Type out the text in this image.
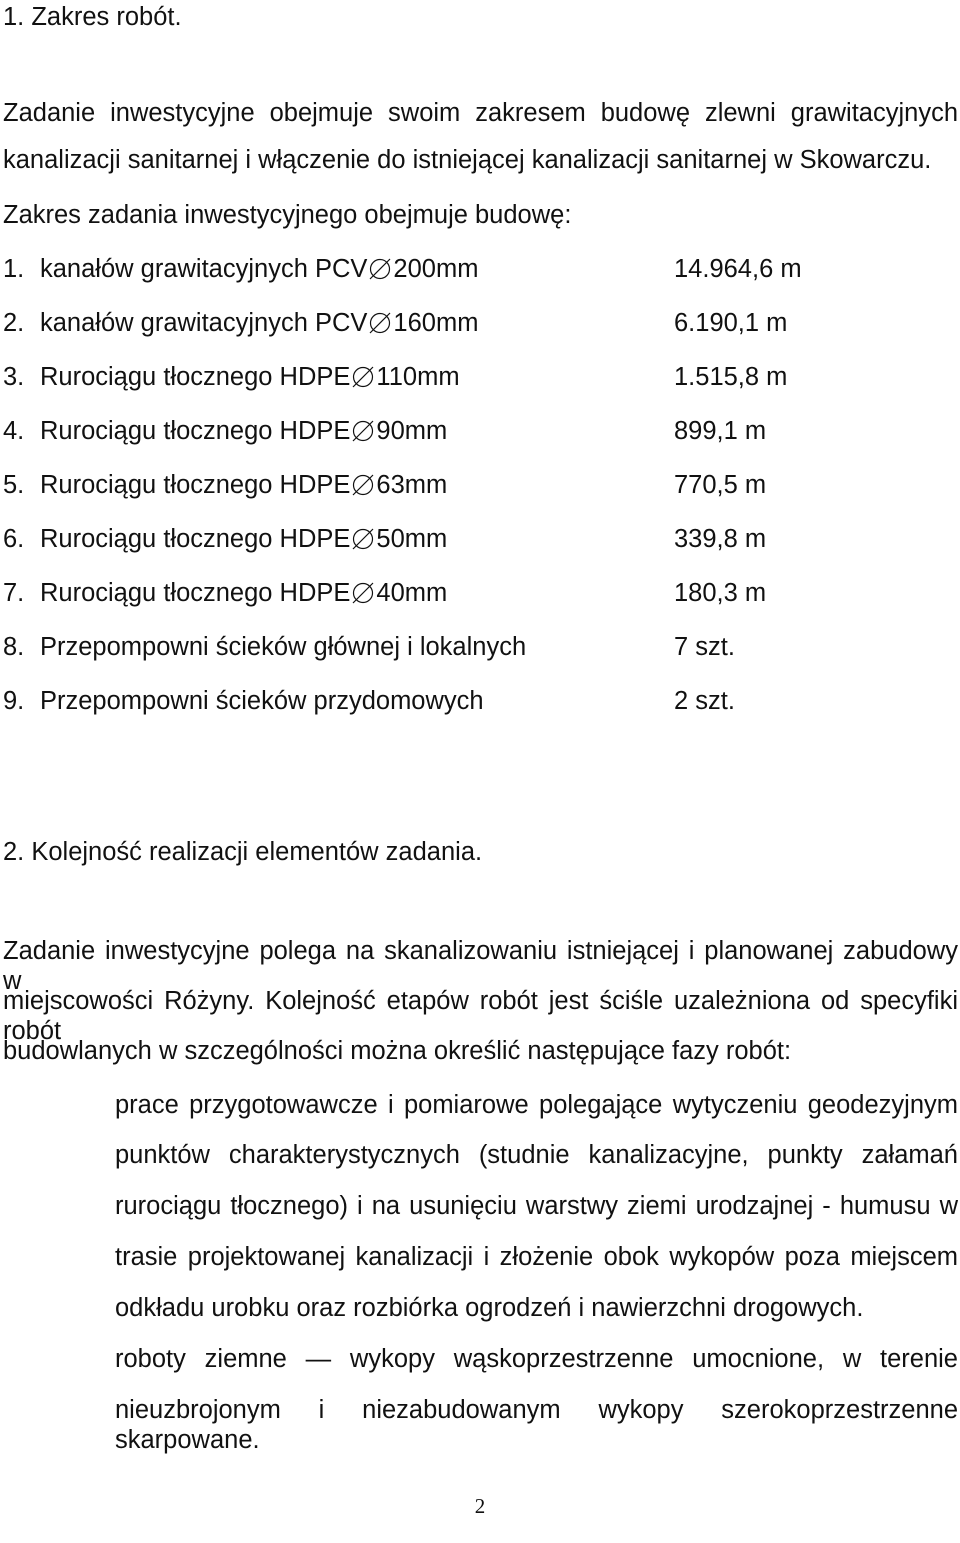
1. Zakres robót.
Zadanie inwestycyjne obejmuje swoim zakresem budowę zlewni grawitacyjnych
kanalizacji sanitarnej i włączenie do istniejącej kanalizacji sanitarnej w Skowarczu.
Zakres zadania inwestycyjnego obejmuje budowę:
1. kanałów grawitacyjnych PCV 200mm	14.964,6 m
2. kanałów grawitacyjnych PCV 160mm	6.190,1 m
3. Rurociągu tłocznego HDPE 110mm	1.515,8 m
4. Rurociągu tłocznego HDPE 90mm	899,1 m
5. Rurociągu tłocznego HDPE 63mm	770,5 m
6. Rurociągu tłocznego HDPE 50mm	339,8 m
7. Rurociągu tłocznego HDPE 40mm	180,3 m
8. Przepompowni ścieków głównej i lokalnych	7 szt.
9. Przepompowni ścieków przydomowych	2 szt.
2. Kolejność realizacji elementów zadania.
Zadanie inwestycyjne polega na skanalizowaniu istniejącej i planowanej zabudowy w
miejscowości Różyny. Kolejność etapów robót jest ściśle uzależniona od specyfiki robót
budowlanych w szczególności można określić następujące fazy robót:
prace przygotowawcze i pomiarowe polegające wytyczeniu geodezyjnym
punktów charakterystycznych (studnie kanalizacyjne, punkty załamań
rurociągu tłocznego) i na usunięciu warstwy ziemi urodzajnej - humusu w
trasie projektowanej kanalizacji i złożenie obok wykopów poza miejscem
odkładu urobku oraz rozbiórka ogrodzeń i nawierzchni drogowych.
roboty ziemne — wykopy wąskoprzestrzenne umocnione, w terenie
nieuzbrojonym i niezabudowanym wykopy szerokoprzestrzenne skarpowane.
2
